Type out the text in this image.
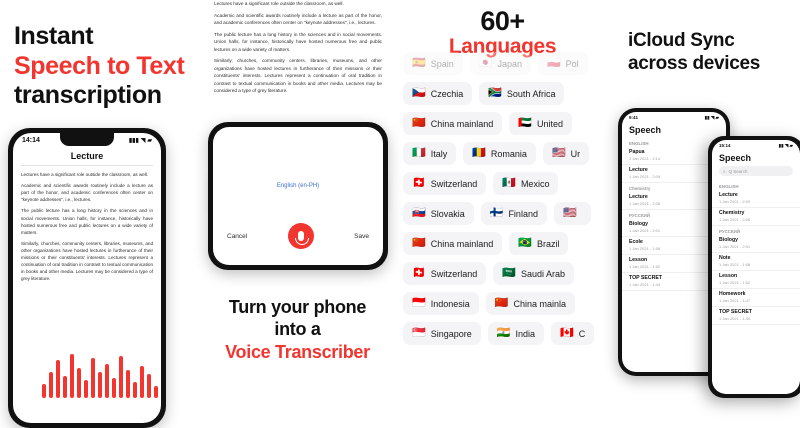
Instant
Speech to Text
transcription
14:14	▮▮▮ ◥ ▰
Lecture

Lectures have a significant role outside the classroom, as well.

Academic and scientific awards routinely include a lecture as part of the honor, and academic conferences often center on "keynote addresses", i.e., lectures.

The public lecture has a long history in the sciences and in social movements. Union halls, for instance, historically have hosted numerous free and public lectures on a wide variety of matters.

Similarly, churches, community centers, libraries, museums, and other organizations have hosted lectures in furtherance of their missions or their constituents' interests. Lectures represent a continuation of oral tradition in contrast to textual communication in books and other media. Lectures may be considered a type of grey literature.

Lectures have a significant role outside the classroom, as well.

Academic and scientific awards routinely include a lecture as part of the honor, and academic conferences often center on "keynote addresses", i.e., lectures.

The public lecture has a long history in the sciences and in social movements. Union halls, for instance, historically have hosted numerous free and public lectures on a wide variety of matters.

Similarly, churches, community centers, libraries, museums, and other organizations have hosted lectures in furtherance of their missions or their constituents' interests. Lectures represent a continuation of oral tradition in contrast to textual communication in books and other media. Lectures may be considered a type of grey literature.

English (en-PH)
Cancel	Save
Turn your phone
into a
Voice Transcriber
60+
Languages
🇪🇸 Spain 🇯🇵 Japan 🇵🇱 Pol
🇨🇿 Czechia 🇿🇦 South Africa
🇨🇳 China mainland 🇦🇪 United
🇮🇹 Italy 🇷🇴 Romania 🇺🇸 Ur
🇨🇭 Switzerland 🇲🇽 Mexico
🇸🇰 Slovakia 🇫🇮 Finland 🇺🇸
🇨🇳 China mainland 🇧🇷 Brazil
🇨🇭 Switzerland 🇸🇦 Saudi Arab
🇮🇩 Indonesia 🇨🇳 China mainla
🇸🇬 Singapore 🇮🇳 India 🇨🇦 C
iCloud Sync
across devices
9:41	▮▮ ◥ ▰
Speech
ENGLISH
Papua
1 Jan 2021 - 2:14
Lecture
1 Jan 2021 - 2:09
Chemistry
Lecture
1 Jan 2021 - 2:06
РУССКИЙ
Biology
1 Jan 2021 - 2:01
Ecole
1 Jan 2021 - 1:58
Lesson
1 Jan 2021 - 1:52
TOP SECRET
1 Jan 2021 - 1:44
15:14	▮▮ ◥ ▰
Speech
⌕ Q Search
ENGLISH
Lecture
1 Jan 2021 - 2:09
Chemistry
1 Jan 2021 - 2:06
РУССКИЙ
Biology
1 Jan 2021 - 2:01
Note
1 Jan 2021 - 1:58
Lesson
1 Jan 2021 - 1:52
Homework
1 Jan 2021 - 1:47
TOP SECRET
1 Jan 2021 - 1:44
